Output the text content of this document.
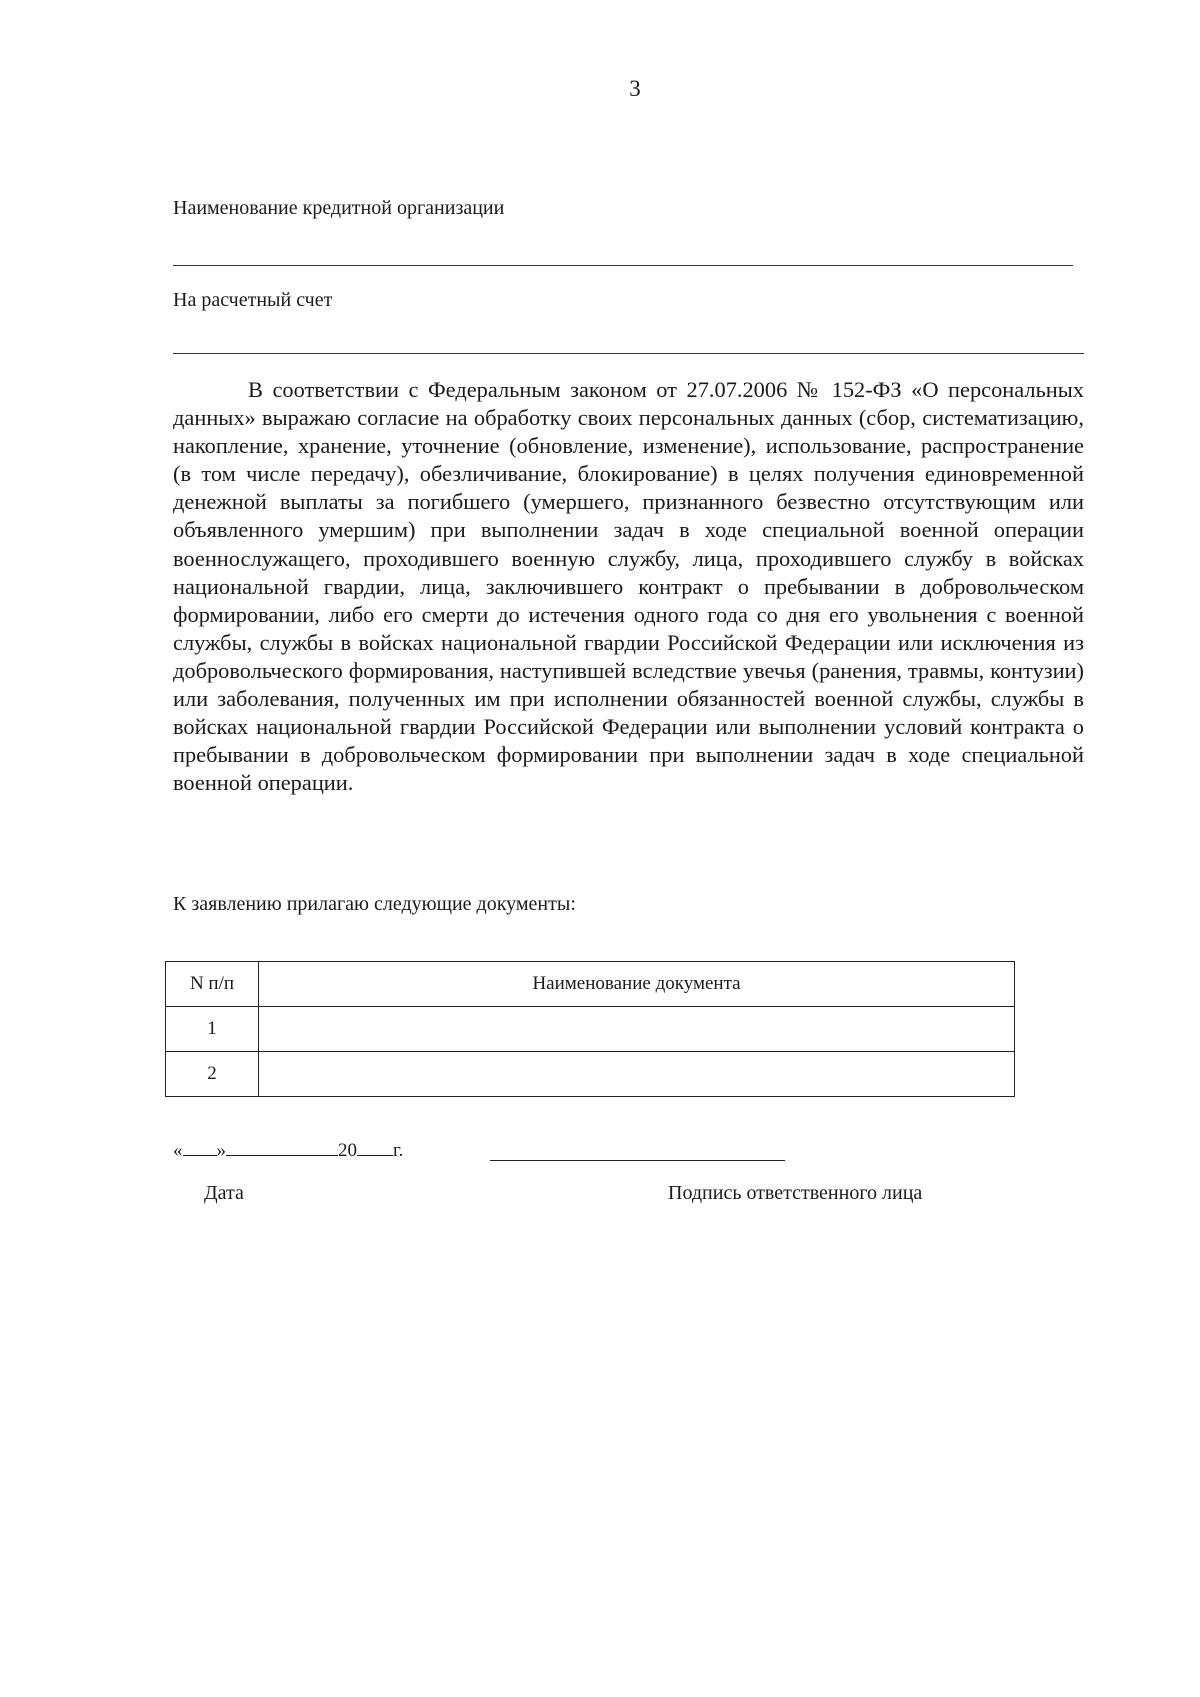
3
Наименование кредитной организации
На расчетный счет

В соответствии с Федеральным законом от 27.07.2006 № 152-ФЗ «О персональных данных» выражаю согласие на обработку своих персональных данных (сбор, систематизацию, накопление, хранение, уточнение (обновление, изменение), использование, распространение (в том числе передачу), обезличивание, блокирование) в целях получения единовременной денежной выплаты за погибшего (умершего, признанного безвестно отсутствующим или объявленного умершим) при выполнении задач в ходе специальной военной операции военнослужащего, проходившего военную службу, лица, проходившего службу в войсках национальной гвардии, лица, заключившего контракт о пребывании в добровольческом формировании, либо его смерти до истечения одного года со дня его увольнения с военной службы, службы в войсках национальной гвардии Российской Федерации или исключения из добровольческого формирования, наступившей вследствие увечья (ранения, травмы, контузии) или заболевания, полученных им при исполнении обязанностей военной службы, службы в войсках национальной гвардии Российской Федерации или выполнении условий контракта о пребывании в добровольческом формировании при выполнении задач в ходе специальной военной операции.

К заявлению прилагаю следующие документы:
N п/п	Наименование документа
1	
2	
« »	20 г.
Дата	Подпись ответственного лица
